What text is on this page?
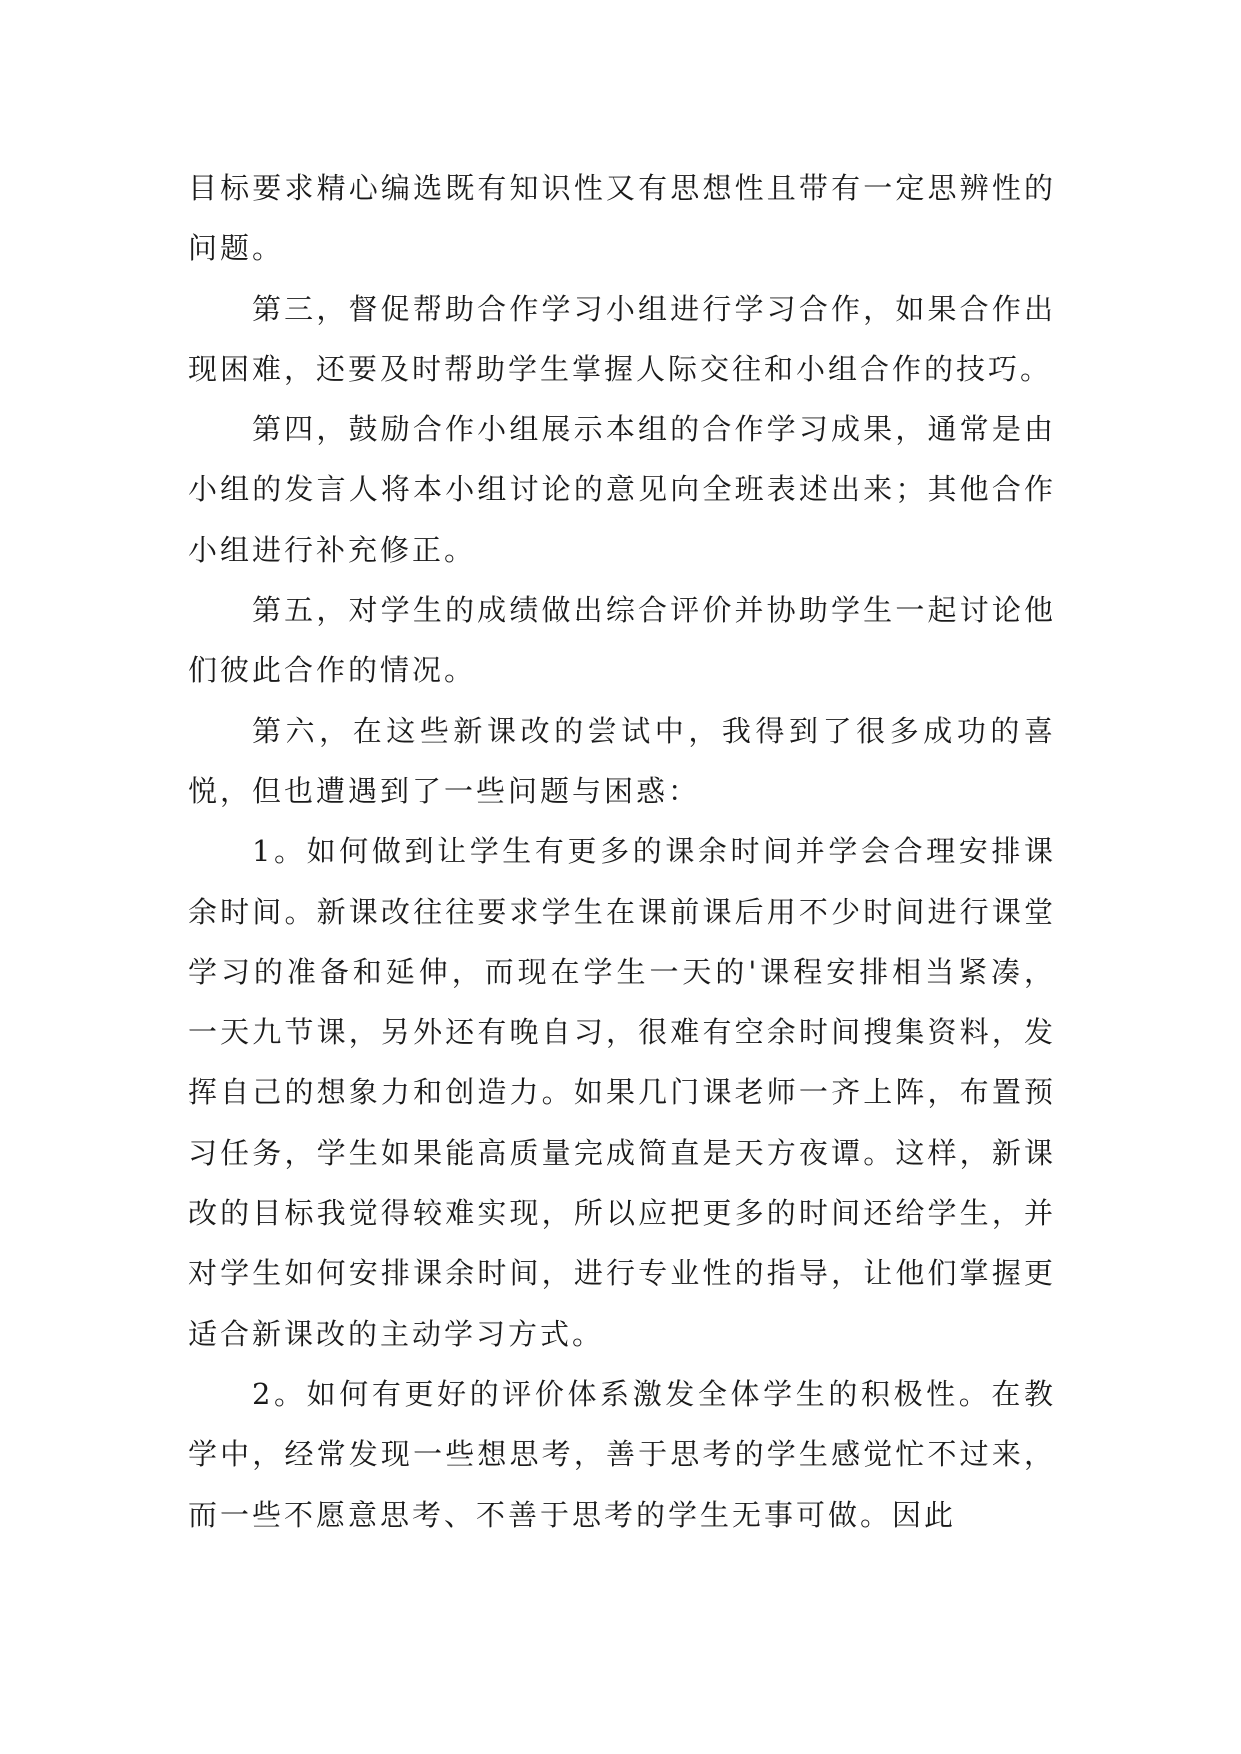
目标要求精心编选既有知识性又有思想性且带有一定思辨性的问题。

第三，督促帮助合作学习小组进行学习合作，如果合作出现困难，还要及时帮助学生掌握人际交往和小组合作的技巧。

第四，鼓励合作小组展示本组的合作学习成果，通常是由小组的发言人将本小组讨论的意见向全班表述出来；其他合作小组进行补充修正。

第五，对学生的成绩做出综合评价并协助学生一起讨论他们彼此合作的情况。

第六，在这些新课改的尝试中，我得到了很多成功的喜悦，但也遭遇到了一些问题与困惑：

1。如何做到让学生有更多的课余时间并学会合理安排课余时间。新课改往往要求学生在课前课后用不少时间进行课堂学习的准备和延伸，而现在学生一天的'课程安排相当紧凑，一天九节课，另外还有晚自习，很难有空余时间搜集资料，发挥自己的想象力和创造力。如果几门课老师一齐上阵，布置预习任务，学生如果能高质量完成简直是天方夜谭。这样，新课改的目标我觉得较难实现，所以应把更多的时间还给学生，并对学生如何安排课余时间，进行专业性的指导，让他们掌握更适合新课改的主动学习方式。

2。如何有更好的评价体系激发全体学生的积极性。在教学中，经常发现一些想思考，善于思考的学生感觉忙不过来，而一些不愿意思考、不善于思考的学生无事可做。因此
